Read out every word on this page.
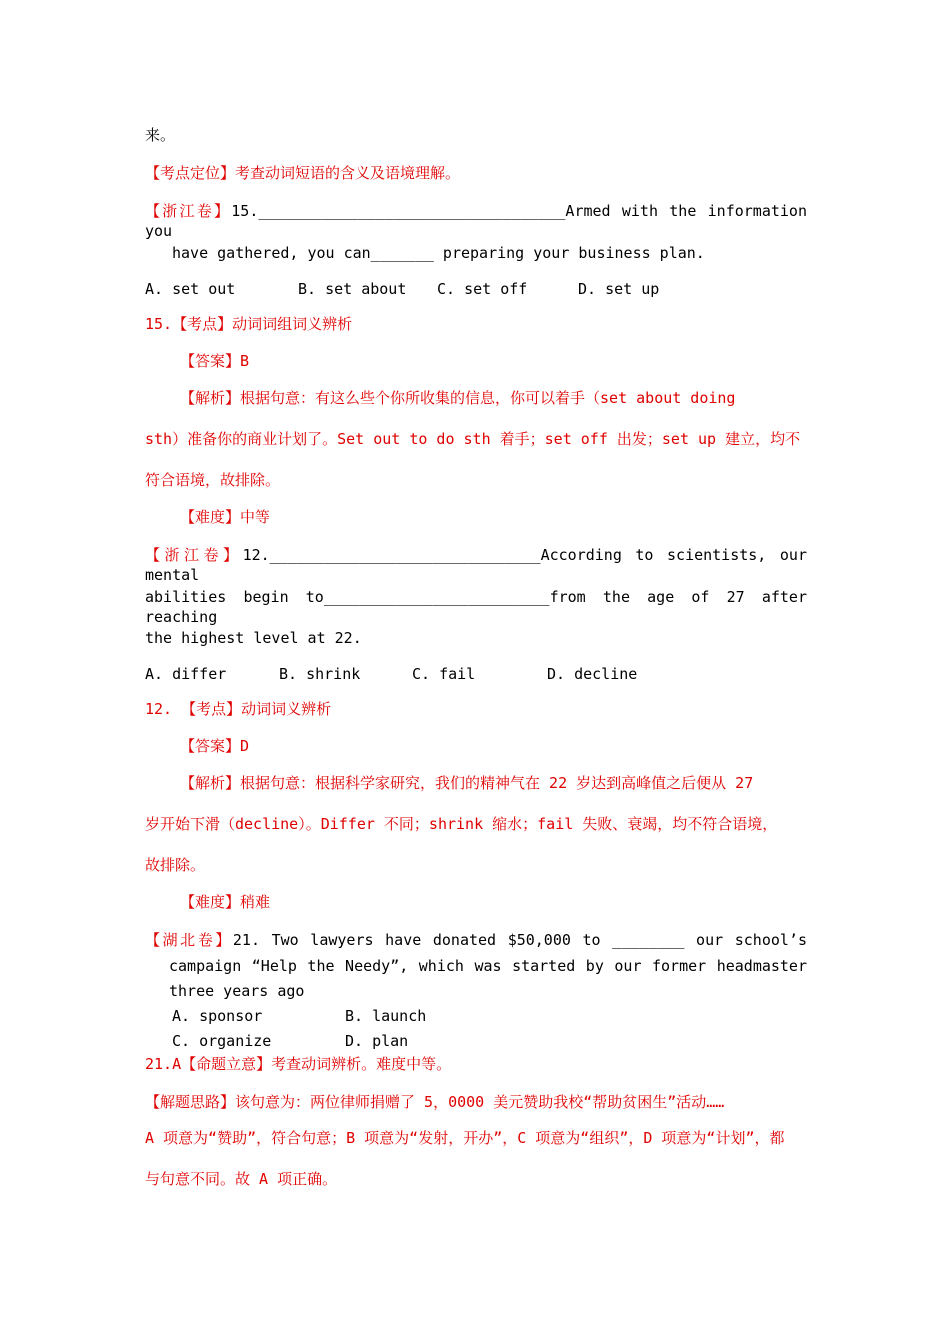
来。
【考点定位】考查动词短语的含义及语境理解。
【浙江卷】15.__________________________________Armed with the information you
have gathered, you can_______ preparing your business plan.
A. set out	B. set about C. set off	D. set up
15.【考点】动词词组词义辨析
【答案】B
【解析】根据句意：有这么些个你所收集的信息，你可以着手（set about doing
sth）准备你的商业计划了。Set out to do sth 着手；set off 出发；set up 建立，均不
符合语境，故排除。
【难度】中等
【浙江卷】12.______________________________According to scientists, our mental
abilities begin to_________________________from the age of 27 after reaching
the highest level at 22.
A. differ	B. shrink	C. fail	D. decline
12. 【考点】动词词义辨析
【答案】D
【解析】根据句意：根据科学家研究，我们的精神气在 22 岁达到高峰值之后便从 27
岁开始下滑（decline）。Differ 不同；shrink 缩水；fail 失败、衰竭，均不符合语境，
故排除。
【难度】稍难
【湖北卷】21. Two lawyers have donated $50,000 to ________ our school’s
campaign “Help the Needy”, which was started by our former headmaster
three years ago
A. sponsor	B. launch
C. organize	D. plan
21.A【命题立意】考查动词辨析。难度中等。
【解题思路】该句意为：两位律师捐赠了 5，0000 美元赞助我校“帮助贫困生”活动……
A 项意为“赞助”，符合句意；B 项意为“发射，开办”，C 项意为“组织”，D 项意为“计划”，都
与句意不同。故 A 项正确。
